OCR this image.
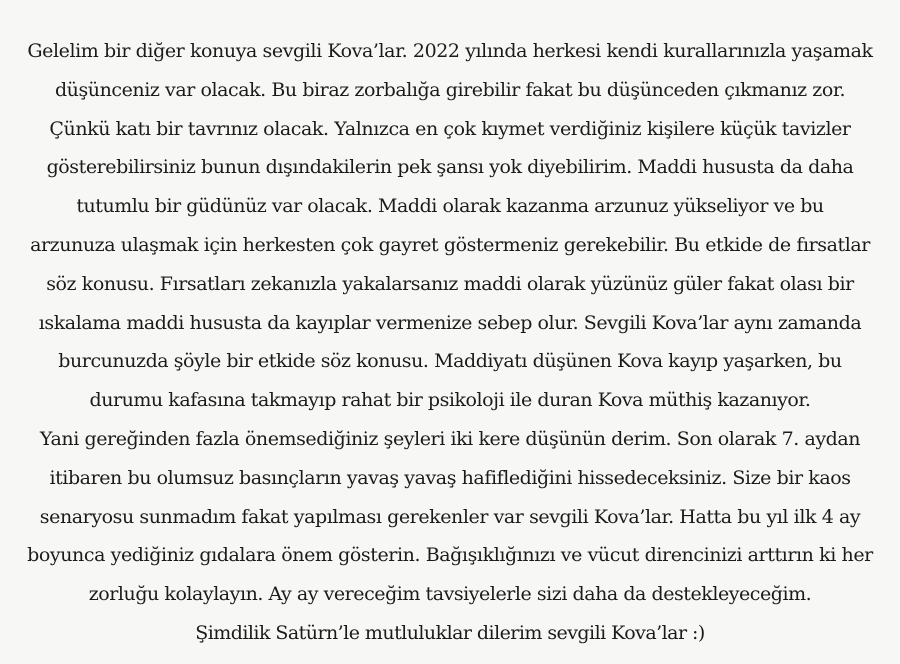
Gelelim bir diğer konuya sevgili Kova’lar. 2022 yılında herkesi kendi kurallarınızla yaşamak
düşünceniz var olacak. Bu biraz zorbalığa girebilir fakat bu düşünceden çıkmanız zor.
Çünkü katı bir tavrınız olacak. Yalnızca en çok kıymet verdiğiniz kişilere küçük tavizler
gösterebilirsiniz bunun dışındakilerin pek şansı yok diyebilirim. Maddi hususta da daha
tutumlu bir güdünüz var olacak. Maddi olarak kazanma arzunuz yükseliyor ve bu
arzunuza ulaşmak için herkesten çok gayret göstermeniz gerekebilir. Bu etkide de fırsatlar
söz konusu. Fırsatları zekanızla yakalarsanız maddi olarak yüzünüz güler fakat olası bir
ıskalama maddi hususta da kayıplar vermenize sebep olur. Sevgili Kova’lar aynı zamanda
burcunuzda şöyle bir etkide söz konusu. Maddiyatı düşünen Kova kayıp yaşarken, bu
durumu kafasına takmayıp rahat bir psikoloji ile duran Kova müthiş kazanıyor.
Yani gereğinden fazla önemsediğiniz şeyleri iki kere düşünün derim. Son olarak 7. aydan
itibaren bu olumsuz basınçların yavaş yavaş hafiflediğini hissedeceksiniz. Size bir kaos
senaryosu sunmadım fakat yapılması gerekenler var sevgili Kova’lar. Hatta bu yıl ilk 4 ay
boyunca yediğiniz gıdalara önem gösterin. Bağışıklığınızı ve vücut direncinizi arttırın ki her
zorluğu kolaylayın. Ay ay vereceğim tavsiyelerle sizi daha da destekleyeceğim.
Şimdilik Satürn’le mutluluklar dilerim sevgili Kova’lar :)
